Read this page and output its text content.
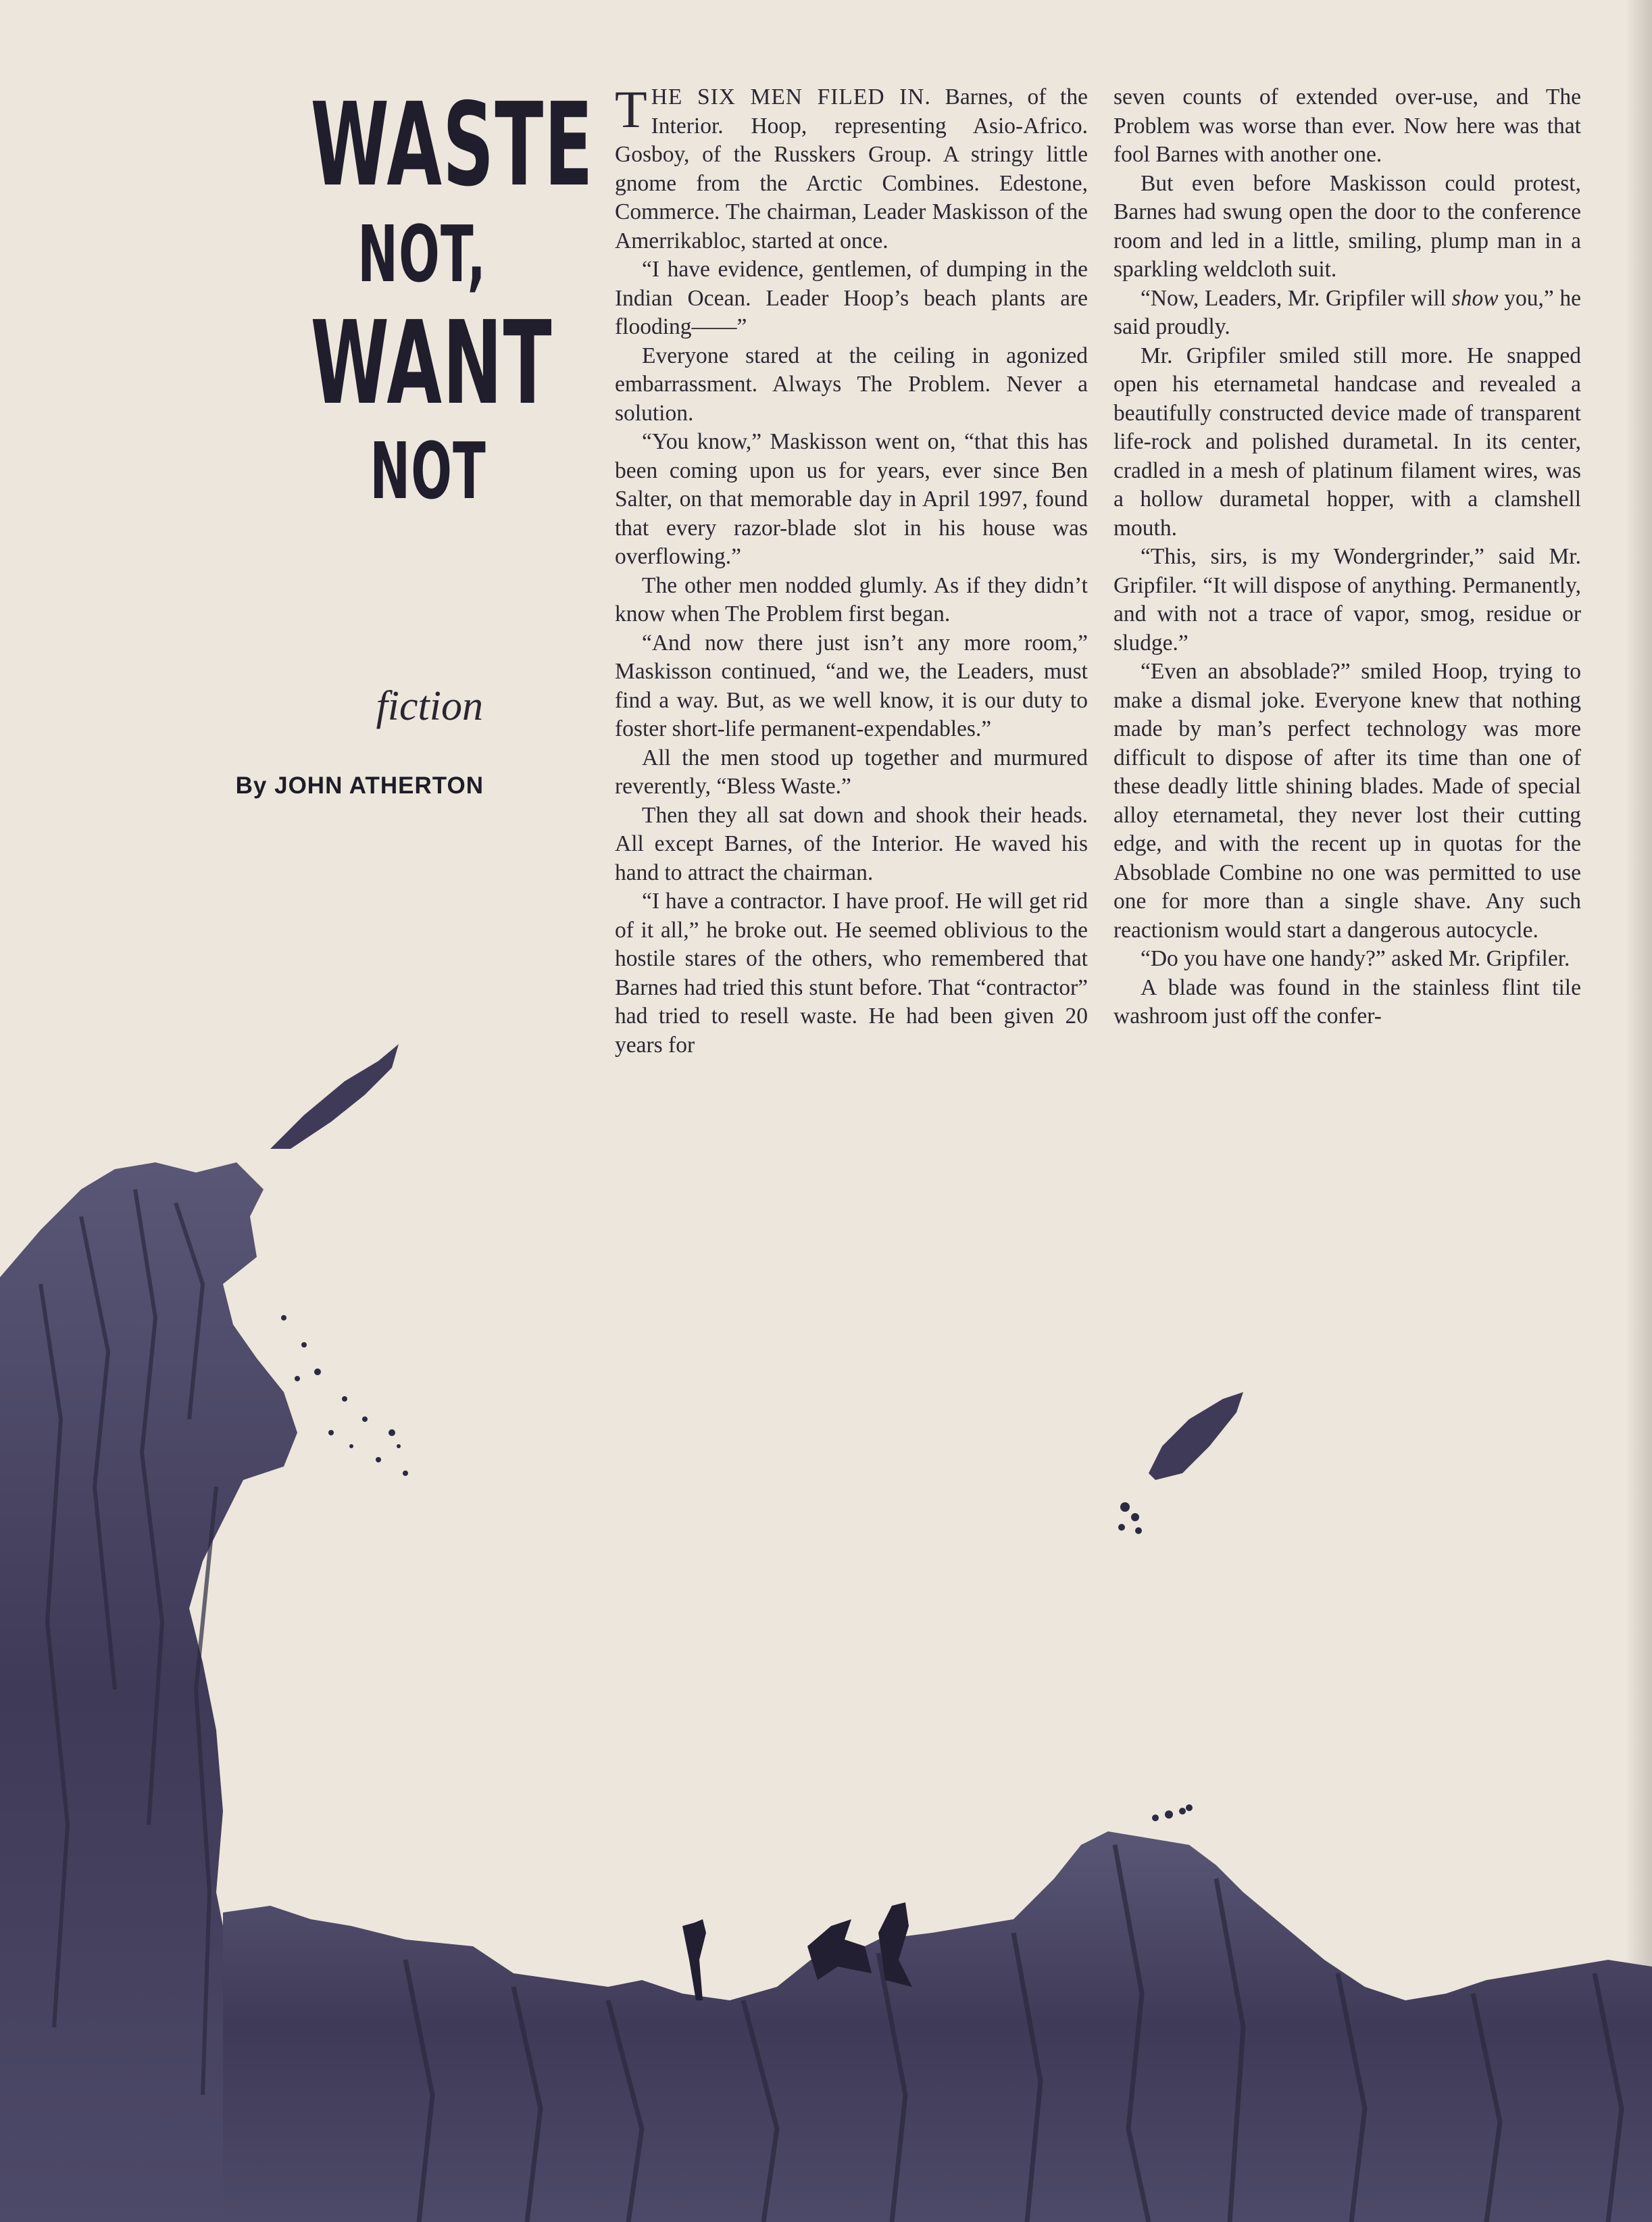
WASTE
NOT,
WANT
NOT
fiction
By JOHN ATHERTON

THE SIX MEN FILED IN. Barnes, of the Interior. Hoop, representing Asio-Africo. Gosboy, of the Russkers Group. A stringy little gnome from the Arctic Combines. Edestone, Commerce. The chairman, Leader Maskisson of the Amerrikabloc, started at once.

“I have evidence, gentlemen, of dumping in the Indian Ocean. Leader Hoop’s beach plants are flooding——”

Everyone stared at the ceiling in agonized embarrassment. Always The Problem. Never a solution.

“You know,” Maskisson went on, “that this has been coming upon us for years, ever since Ben Salter, on that memorable day in April 1997, found that every razor-blade slot in his house was overflowing.”

The other men nodded glumly. As if they didn’t know when The Problem first began.

“And now there just isn’t any more room,” Maskisson continued, “and we, the Leaders, must find a way. But, as we well know, it is our duty to foster short-life permanent-expendables.”

All the men stood up together and murmured reverently, “Bless Waste.”

Then they all sat down and shook their heads. All except Barnes, of the Interior. He waved his hand to attract the chairman.

“I have a contractor. I have proof. He will get rid of it all,” he broke out. He seemed oblivious to the hostile stares of the others, who remembered that Barnes had tried this stunt before. That “contractor” had tried to resell waste. He had been given 20 years for

seven counts of extended over-use, and The Problem was worse than ever. Now here was that fool Barnes with another one.

But even before Maskisson could protest, Barnes had swung open the door to the conference room and led in a little, smiling, plump man in a sparkling weldcloth suit.

“Now, Leaders, Mr. Gripfiler will show you,” he said proudly.

Mr. Gripfiler smiled still more. He snapped open his eternametal handcase and revealed a beautifully constructed device made of transparent life-rock and polished durametal. In its center, cradled in a mesh of platinum filament wires, was a hollow durametal hopper, with a clamshell mouth.

“This, sirs, is my Wondergrinder,” said Mr. Gripfiler. “It will dispose of anything. Permanently, and with not a trace of vapor, smog, residue or sludge.”

“Even an absoblade?” smiled Hoop, trying to make a dismal joke. Everyone knew that nothing made by man’s perfect technology was more difficult to dispose of after its time than one of these deadly little shining blades. Made of special alloy eternametal, they never lost their cutting edge, and with the recent up in quotas for the Absoblade Combine no one was permitted to use one for more than a single shave. Any such reactionism would start a dangerous autocycle.

“Do you have one handy?” asked Mr. Gripfiler.

A blade was found in the stainless flint tile washroom just off the confer-
